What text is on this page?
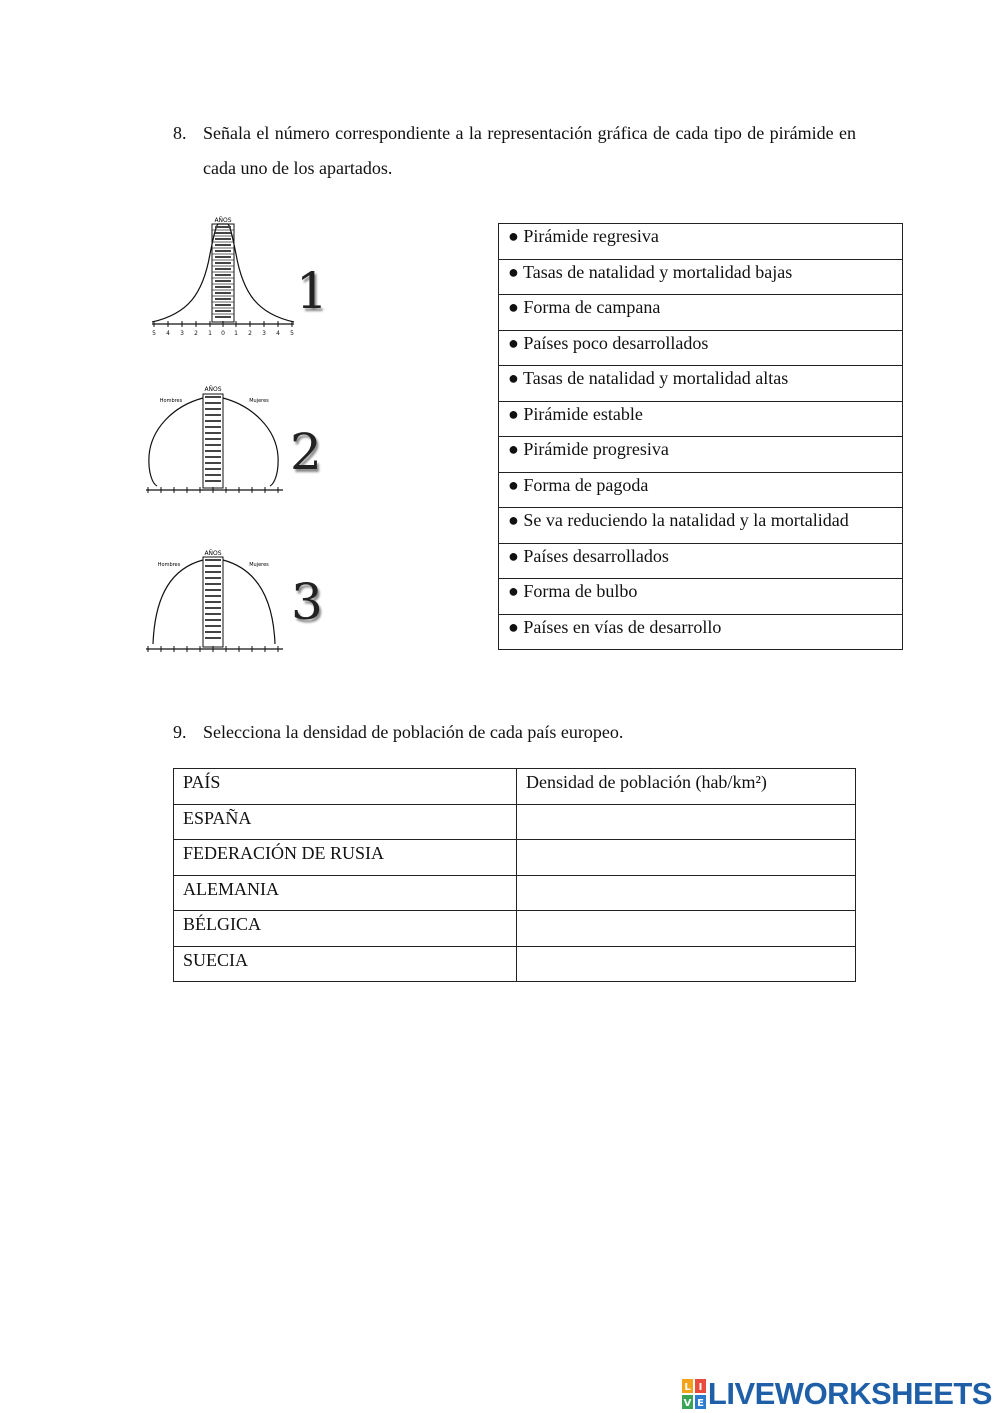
8. Señala el número correspondiente a la representación gráfica de cada tipo de pirámide en cada uno de los apartados.
AÑOS
5 4 3 2 1 0 1 2 3 4 5
1
AÑOS
Hombres	Mujeres
2
AÑOS
Hombres	Mujeres
3
● Pirámide regresiva
● Tasas de natalidad y mortalidad bajas
● Forma de campana
● Países poco desarrollados
● Tasas de natalidad y mortalidad altas
● Pirámide estable
● Pirámide progresiva
● Forma de pagoda
● Se va reduciendo la natalidad y la mortalidad
● Países desarrollados
● Forma de bulbo
● Países en vías de desarrollo
9. Selecciona la densidad de población de cada país europeo.
PAÍS	Densidad de población (hab/km²)
ESPAÑA	
FEDERACIÓN DE RUSIA	
ALEMANIA	
BÉLGICA	
SUECIA	
L I
V E LIVEWORKSHEETS
